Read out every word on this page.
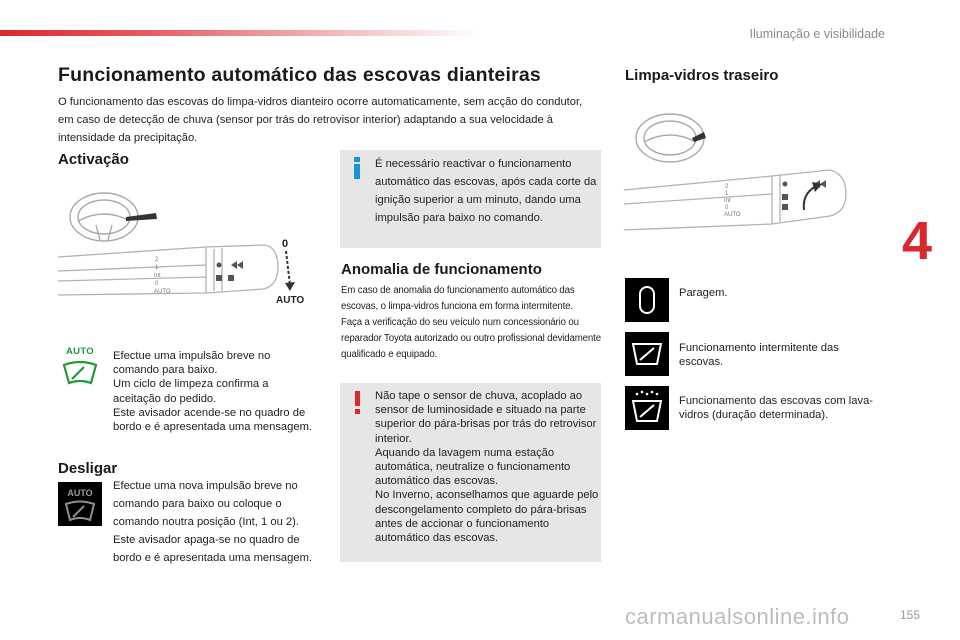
Iluminação e visibilidade
4
Funcionamento automático das escovas dianteiras
O funcionamento das escovas do limpa-vidros dianteiro ocorre automaticamente, sem acção do condutor, em caso de detecção de chuva (sensor por trás do retrovisor interior) adaptando a sua velocidade à intensidade da precipitação.
Activação
2
1
Int
0
AUTO
0
AUTO
AUTO	Efectue uma impulsão breve no comando para baixo.
Um ciclo de limpeza confirma a aceitação do pedido.
Este avisador acende-se no quadro de bordo e é apresentada uma mensagem.
Desligar
AUTO
Efectue uma nova impulsão breve no comando para baixo ou coloque o comando noutra posição (Int, 1 ou 2).
Este avisador apaga-se no quadro de bordo e é apresentada uma mensagem.
É necessário reactivar o funcionamento automático das escovas, após cada corte da ignição superior a um minuto, dando uma impulsão para baixo no comando.
Anomalia de funcionamento
Em caso de anomalia do funcionamento automático das escovas, o limpa-vidros funciona em forma intermitente.
Faça a verificação do seu veículo num concessionário ou reparador Toyota autorizado ou outro profissional devidamente qualificado e equipado.
Não tape o sensor de chuva, acoplado ao sensor de luminosidade e situado na parte superior do pára-brisas por trás do retrovisor interior.
Aquando da lavagem numa estação automática, neutralize o funcionamento automático das escovas.
No Inverno, aconselhamos que aguarde pelo descongelamento completo do pára-brisas antes de accionar o funcionamento automático das escovas.
Limpa-vidros traseiro
2
1
Int
0
AUTO
Paragem.
Funcionamento intermitente das escovas.
Funcionamento das escovas com lava-vidros (duração determinada).
carmanualsonline.info	155
